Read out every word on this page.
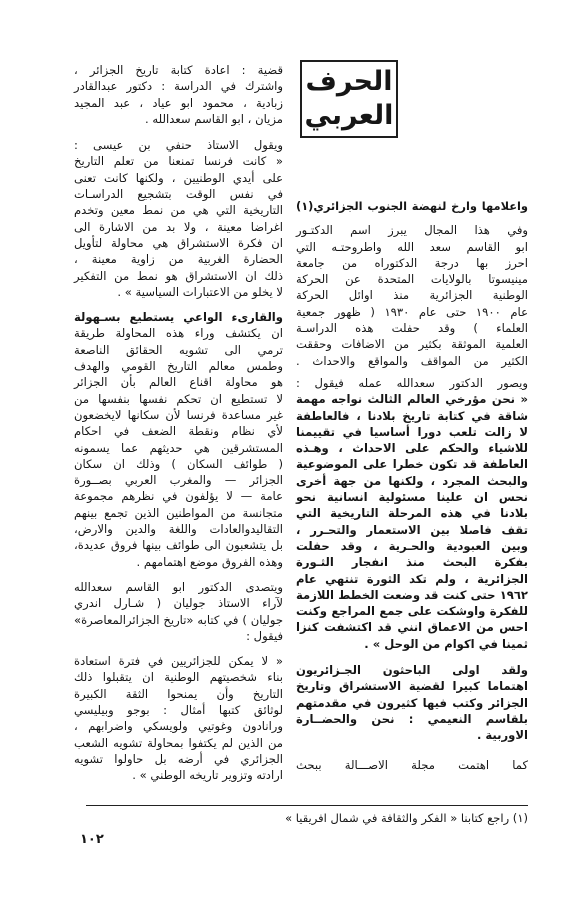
الحرف
العربي
قضية : اعادة كتابة تاريخ الجزائر ،
واشترك في الدراسة : دكتور عبدالقادر
زبادية ، محمود ابو عياد ، عبد المجيد
مزيان ، ابو القاسم سعدالله .
ويقول الاستاذ حنفي بن عيسى :
« كانت فرنسا تمنعنا من تعلم التاريخ
على أيدي الوطنيين ، ولكنها كانت تعنى
في نفس الوقت بتشجيع الدراسـات
التاريخية التي هي من نمط معين وتخدم
اغراضا معينة ، ولا بد من الاشارة الى
ان فكرة الاستشراق هي محاولة لتأويل
الحضارة الغربية من زاوية معينة ،
ذلك ان الاستشراق هو نمط من التفكير
لا يخلو من الاعتبارات السياسية » .
والقارىء الواعي يستطيع بسـهولة
ان يكتشف وراء هذه المحاولة طريقة
ترمي الى تشويه الحقائق الناصعة
وطمس معالم التاريخ القومي والهدف
هو محاولة اقناع العالم بأن الجزائر
لا تستطيع ان تحكم نفسها بنفسها من
غير مساعدة فرنسا لأن سكانها لايخضعون
لأي نظام ونقطة الضعف في احكام
المستشرقين هي حديثهم عما يسمونه
( طوائف السكان ) وذلك ان سكان
الجزائر — والمغرب العربي بصــورة
عامة — لا يؤلفون في نظرهم مجموعة
متجانسة من المواطنين الذين تجمع بينهم
التقاليدوالعادات واللغة والدين والارض،
بل يتشعبون الى طوائف بينها فروق عديدة،
وهذه الفروق موضع اهتمامهم .
ويتصدى الدكتور ابو القاسم سعدالله
لآراء الاستاذ جوليان ( شـارل اندري
جوليان ) في كتابه «تاريخ الجزائرالمعاصرة»
فيقول :
« لا يمكن للجزائريين في فترة استعادة
بناء شخصيتهم الوطنية ان يتقبلوا ذلك
التاريخ وأن يمنحوا الثقة الكبيرة
لوثائق كتبها أمثال : بوجو وبيليسي
ورانادون وغوتيي ولويسكي واضرابهم ،
من الذين لم يكتفوا بمحاولة تشويه الشعب
الجزائري في أرضه بل حاولوا تشويه
ارادته وتزوير تاريخه الوطني » .
واعلامها وارخ لنهضة الجنوب الجزائري(١)
وفي هذا المجال يبرز اسم الدكتـور
ابو القاسم سعد الله واطروحتـه التي
احرز بها درجة الدكتوراه من جامعة
مينيسوتا بالولايات المتحدة عن الحركة
الوطنية الجزائرية منذ اوائل الحركة
عام ١٩٠٠ حتى عام ١٩٣٠ ( ظهور جمعية
العلماء ) وقد حفلت هذه الدراسـة
العلمية الموثقة بكثير من الاضافات وحققت
الكثير من المواقف والمواقع والاحداث .
ويصور الدكتور سعدالله عمله فيقول :
« نحن مؤرخي العالم الثالث نواجه مهمة
شاقة في كتابة تاريخ بلادنا ، فالعاطفة
لا زالت تلعب دورا أساسيا في تقييمنا
للاشياء والحكم على الاحداث ، وهـذه
العاطفة قد تكون خطرا على الموضوعية
والبحث المجرد ، ولكنها من جهة أخرى
نحس ان علينا مسئولية انسانية نحو
بلادنا في هذه المرحلة التاريخية التي
تقف فاصلا بين الاستعمار والتحـرر ،
وبين العبودية والحـرية ، وقد حفلت
بفكرة البحث منذ انفجار الثـورة
الجزائرية ، ولم تكد الثورة تنتهي عام
١٩٦٢ حتى كنت قد وضعت الخطط اللازمة
للفكرة واوشكت على جمع المراجع وكنت
احس من الاعماق انني قد اكتشفت كنزا
ثمينا في اكوام من الوحل » .
ولقد اولى الباحثون الجـزائريون
اهتماما كبيرا لقضية الاستشراق وتاريخ
الجزائر وكتب فيها كثيرون في مقدمتهم
بلقاسم النعيمي : نحن والحضــارة
الاوربية .
كما اهتمت مجلة الاصـــالة ببحث
(١) راجع كتابنا « الفكر والثقافة في شمال افريقيا »
١٠٢
